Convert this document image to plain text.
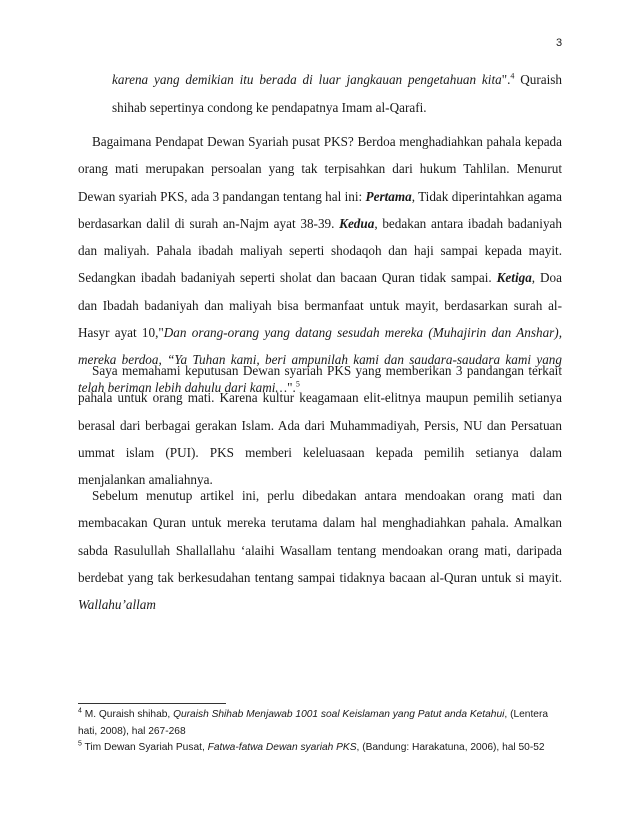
3

karena yang demikian itu berada di luar jangkauan pengetahuan kita".$^4$ Quraish shihab sepertinya condong ke pendapatnya Imam al-Qarafi.

Bagaimana Pendapat Dewan Syariah pusat PKS? Berdoa menghadiahkan pahala kepada orang mati merupakan persoalan yang tak terpisahkan dari hukum Tahlilan. Menurut Dewan syariah PKS, ada 3 pandangan tentang hal ini: Pertama, Tidak diperintahkan agama berdasarkan dalil di surah an-Najm ayat 38-39. Kedua, bedakan antara ibadah badaniyah dan maliyah. Pahala ibadah maliyah seperti shodaqoh dan haji sampai kepada mayit. Sedangkan ibadah badaniyah seperti sholat dan bacaan Quran tidak sampai. Ketiga, Doa dan Ibadah badaniyah dan maliyah bisa bermanfaat untuk mayit, berdasarkan surah al-Hasyr ayat 10,"Dan orang-orang yang datang sesudah mereka (Muhajirin dan Anshar), mereka berdoa, “Ya Tuhan kami, beri ampunilah kami dan saudara-saudara kami yang telah beriman lebih dahulu dari kami…".$^5$

Saya memahami keputusan Dewan syariah PKS yang memberikan 3 pandangan terkait pahala untuk orang mati. Karena kultur keagamaan elit-elitnya maupun pemilih setianya berasal dari berbagai gerakan Islam. Ada dari Muhammadiyah, Persis, NU dan Persatuan ummat islam (PUI). PKS memberi keleluasaan kepada pemilih setianya dalam menjalankan amaliahnya.

Sebelum menutup artikel ini, perlu dibedakan antara mendoakan orang mati dan membacakan Quran untuk mereka terutama dalam hal menghadiahkan pahala. Amalkan sabda Rasulullah Shallallahu ‘alaihi Wasallam tentang mendoakan orang mati, daripada berdebat yang tak berkesudahan tentang sampai tidaknya bacaan al-Quran untuk si mayit. Wallahu’allam

$^4$ M. Quraish shihab, Quraish Shihab Menjawab 1001 soal Keislaman yang Patut anda Ketahui, (Lentera hati, 2008), hal 267-268

$^5$ Tim Dewan Syariah Pusat, Fatwa-fatwa Dewan syariah PKS, (Bandung: Harakatuna, 2006), hal 50-52
